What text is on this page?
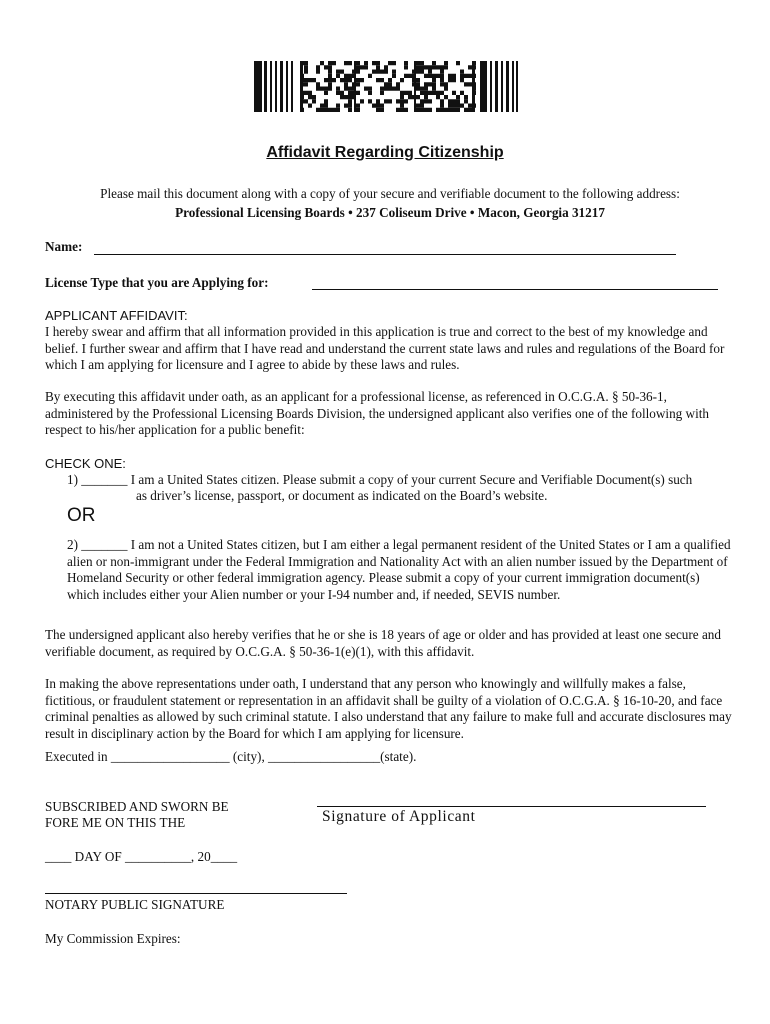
Affidavit Regarding Citizenship
Please mail this document along with a copy of your secure and verifiable document to the following address:
Professional Licensing Boards • 237 Coliseum Drive • Macon, Georgia 31217
Name:
License Type that you are Applying for:
APPLICANT AFFIDAVIT:
I hereby swear and affirm that all information provided in this application is true and correct to the best of my knowledge and belief. I further swear and affirm that I have read and understand the current state laws and rules and regulations of the Board for which I am applying for licensure and I agree to abide by these laws and rules.
By executing this affidavit under oath, as an applicant for a professional license, as referenced in O.C.G.A. § 50-36-1, administered by the Professional Licensing Boards Division, the undersigned applicant also verifies one of the following with respect to his/her application for a public benefit:
CHECK ONE:
1) _______ I am a United States citizen. Please submit a copy of your current Secure and Verifiable Document(s) such
as driver’s license, passport, or document as indicated on the Board’s website.
OR
2) _______ I am not a United States citizen, but I am either a legal permanent resident of the United States or I am a qualified alien or non-immigrant under the Federal Immigration and Nationality Act with an alien number issued by the Department of Homeland Security or other federal immigration agency. Please submit a copy of your current immigration document(s) which includes either your Alien number or your I-94 number and, if needed, SEVIS number.
The undersigned applicant also hereby verifies that he or she is 18 years of age or older and has provided at least one secure and verifiable document, as required by O.C.G.A. § 50-36-1(e)(1), with this affidavit.
In making the above representations under oath, I understand that any person who knowingly and willfully makes a false, fictitious, or fraudulent statement or representation in an affidavit shall be guilty of a violation of O.C.G.A. § 16-10-20, and face criminal penalties as allowed by such criminal statute. I also understand that any failure to make full and accurate disclosures may result in disciplinary action by the Board for which I am applying for licensure.
Executed in __________________ (city), _________________(state).
SUBSCRIBED AND SWORN BE
FORE ME ON THIS THE	Signature of Applicant
____ DAY OF __________, 20____
NOTARY PUBLIC SIGNATURE
My Commission Expires:
